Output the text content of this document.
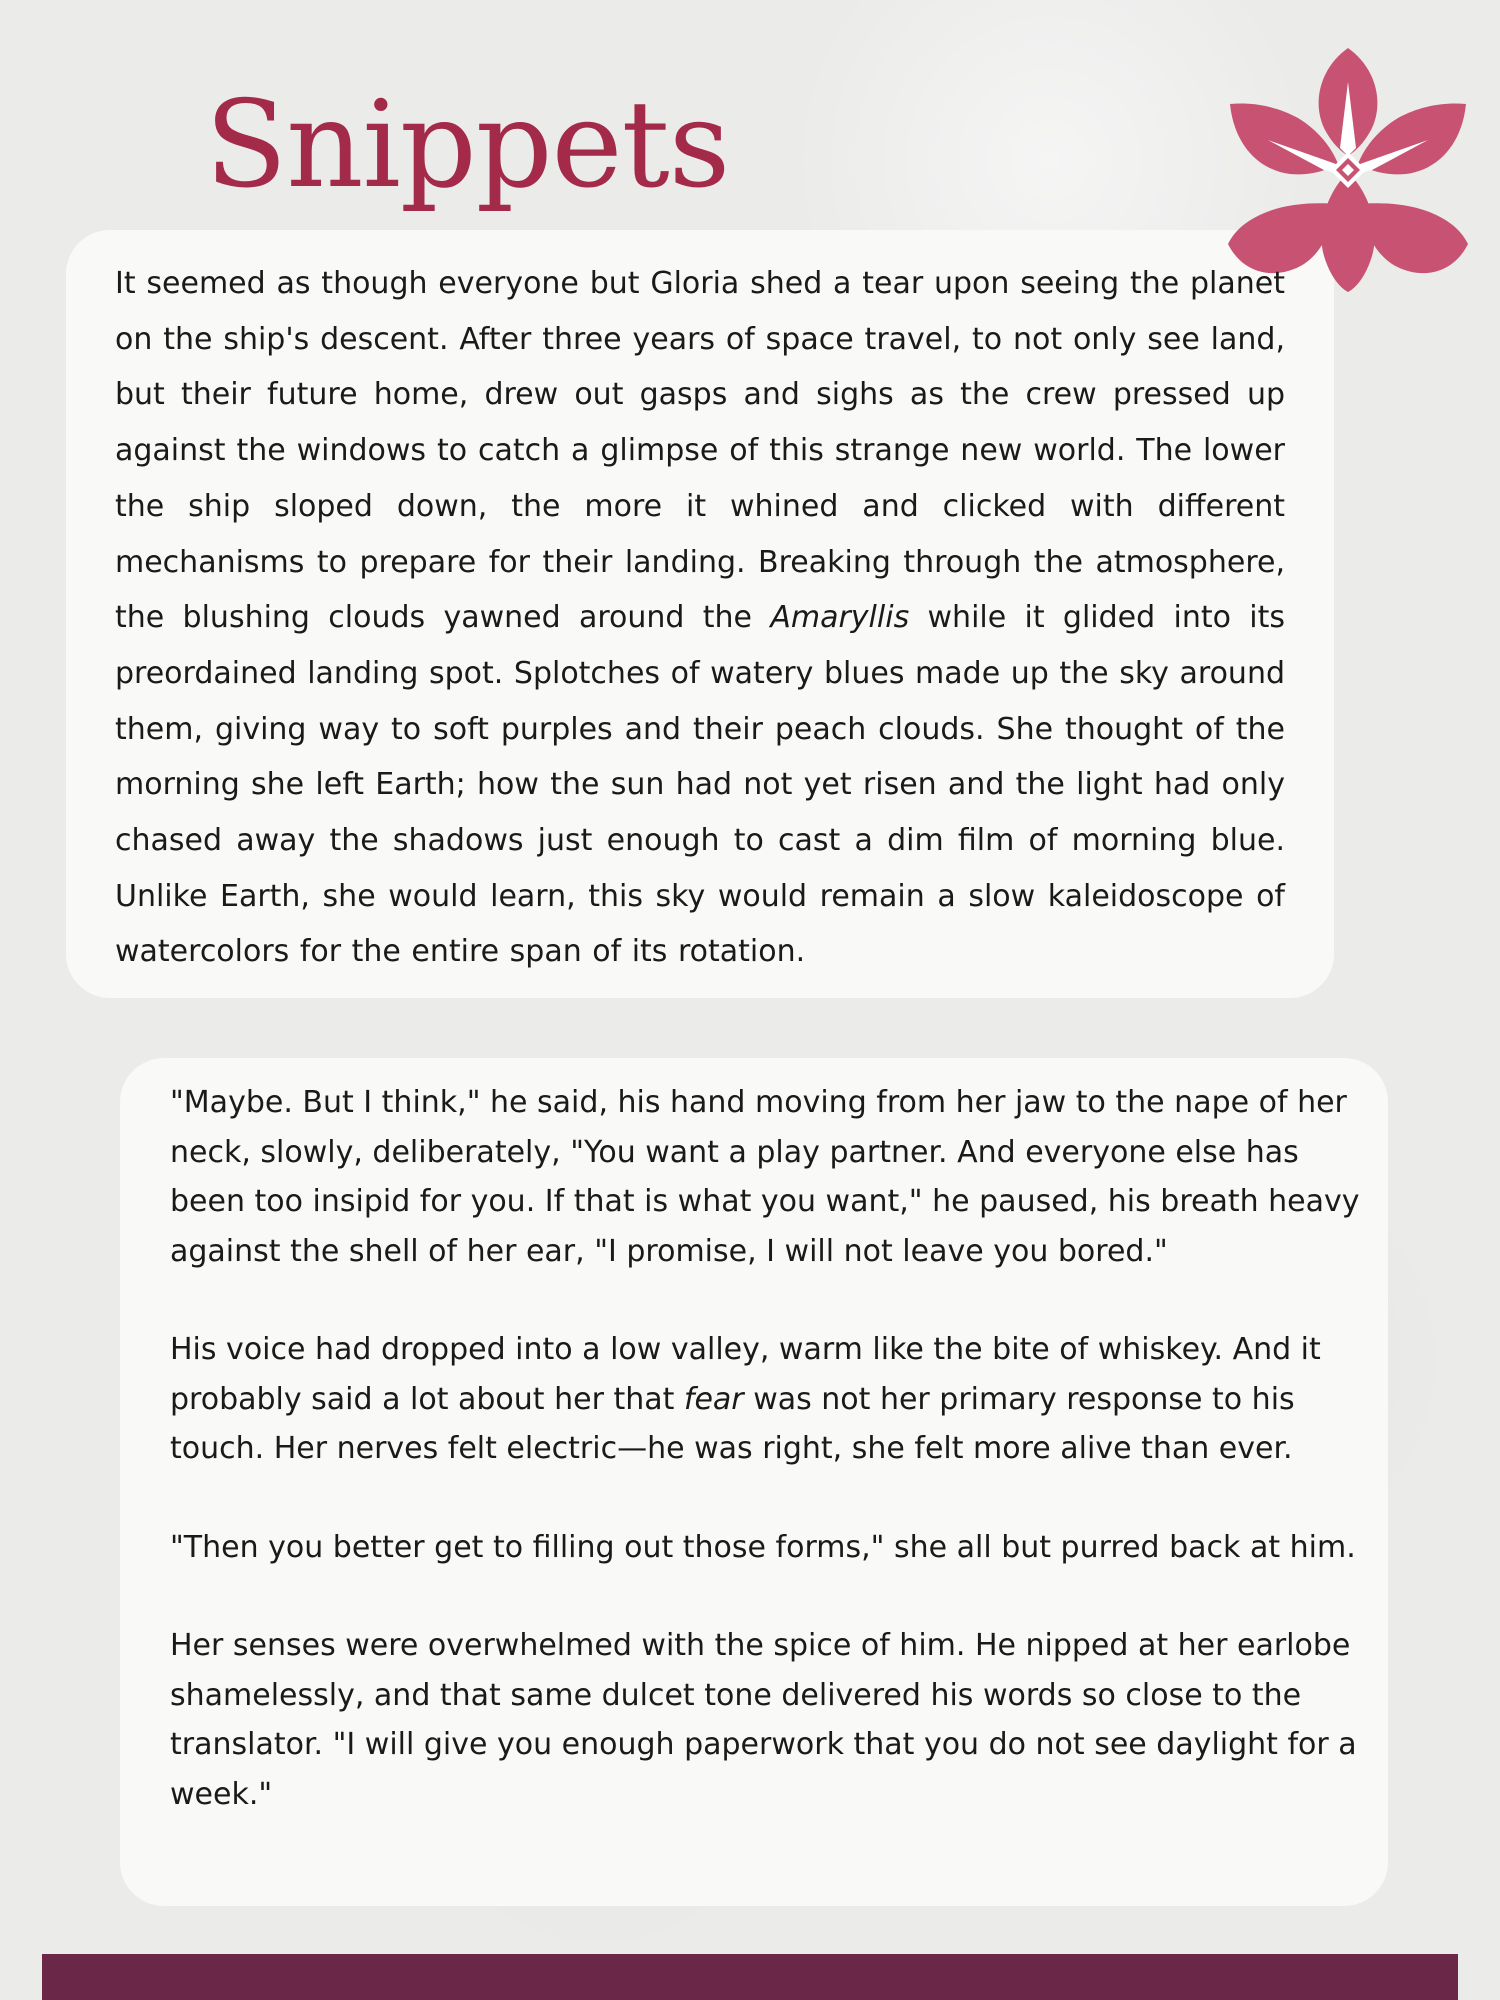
Snippets

It seemed as though everyone but Gloria shed a tear upon seeing the planet on the ship's descent. After three years of space travel, to not only see land, but their future home, drew out gasps and sighs as the crew pressed up against the windows to catch a glimpse of this strange new world. The lower the ship sloped down, the more it whined and clicked with different mechanisms to prepare for their landing. Breaking through the atmosphere, the blushing clouds yawned around the Amaryllis while it glided into its preordained landing spot. Splotches of watery blues made up the sky around them, giving way to soft purples and their peach clouds. She thought of the morning she left Earth; how the sun had not yet risen and the light had only chased away the shadows just enough to cast a dim film of morning blue. Unlike Earth, she would learn, this sky would remain a slow kaleidoscope of watercolors for the entire span of its rotation.

"Maybe. But I think," he said, his hand moving from her jaw to the nape of her neck, slowly, deliberately, "You want a play partner. And everyone else has been too insipid for you. If that is what you want," he paused, his breath heavy against the shell of her ear, "I promise, I will not leave you bored."

His voice had dropped into a low valley, warm like the bite of whiskey. And it probably said a lot about her that fear was not her primary response to his touch. Her nerves felt electric—he was right, she felt more alive than ever.

"Then you better get to filling out those forms," she all but purred back at him.

Her senses were overwhelmed with the spice of him. He nipped at her earlobe shamelessly, and that same dulcet tone delivered his words so close to the translator. "I will give you enough paperwork that you do not see daylight for a week."
